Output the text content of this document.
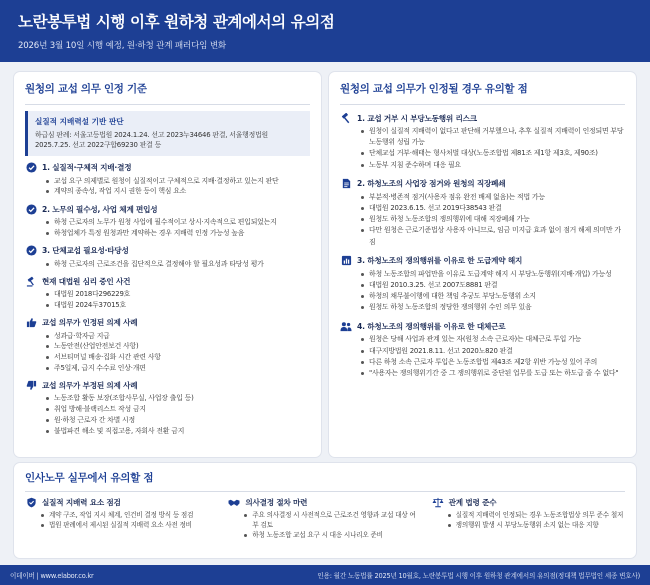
노란봉투법 시행 이후 원하청 관계에서의 유의점
2026년 3월 10일 시행 예정, 원·하청 관계 패러다임 변화
원청의 교섭 의무 인정 기준
실질적 지배력설 기반 판단
하급심 판례: 서울고등법원 2024.1.24. 선고 2023누34646 판결, 서울행정법원 2025.7.25. 선고 2022구합69230 판결 등
1. 실질적·구체적 지배·결정
교섭 요구 의제별로 원청이 실질적이고 구체적으로 지배·결정하고 있는지 판단
계약의 종속성, 작업 지시 권한 등이 핵심 요소
2. 노무의 필수성, 사업 체계 편입성
하청 근로자의 노무가 원청 사업에 필수적이고 상시·지속적으로 편입되었는지
하청업체가 특정 원청과만 계약하는 경우 지배력 인정 가능성 높음
3. 단체교섭 필요성·타당성
하청 근로자의 근로조건을 집단적으로 결정해야 할 필요성과 타당성 평가
현재 대법원 심리 중인 사건
대법원 2018다296229호
대법원 2024두37015호
교섭 의무가 인정된 의제 사례
성과급·학자금 지급
노동안전(산업안전보건 사항)
서브티머널 배송·집화 시간 관련 사항
주5일제, 급지 수수료 인상·개편
교섭 의무가 부정된 의제 사례
노동조합 활동 보장(조합사무실, 사업장 출입 등)
취업 방해·블랙리스트 작성 금지
원·하청 근로자 간 차별 시정
불법파견 해소 및 직접고용, 자회사 전환 금지
원청의 교섭 의무가 인정될 경우 유의할 점
1. 교섭 거부 시 부당노동행위 리스크
원청이 실질적 지배력이 없다고 판단해 거부했으나, 추후 실질적 지배력이 인정되면 부당노동행위 성립 가능
단체교섭 거부·해태는 형사처벌 대상(노동조합법 제81조 제1항 제3호, 제90조)
노동부 지침 준수하며 대응 필요
2. 하청노조의 사업장 점거와 원청의 직장폐쇄
부분적·병존적 점거(사용자 점유 완전 배제 없음)는 적법 가능
대법원 2023.6.15. 선고 2019다38543 판결
원청도 하청 노동조합의 쟁의행위에 대해 직장폐쇄 가능
다만 원청은 근로기준법상 사용자 아니므로, 임금 미지급 효과 없이 점거 해제 의미만 가짐
3. 하청노조의 쟁의행위를 이유로 한 도급계약 해지
하청 노동조합의 파업만을 이유로 도급계약 해지 시 부당노동행위(지배·개입) 가능성
대법원 2010.3.25. 선고 2007도8881 판결
하청의 채무불이행에 대한 책임 추궁도 부당노동행위 소지
원청도 하청 노동조합의 정당한 쟁의행위 수인 의무 있음
4. 하청노조의 쟁의행위를 이유로 한 대체근로
원청은 당해 사업과 관계 있는 자(원청 소속 근로자)는 대체근로 투입 가능
대구지방법원 2021.8.11. 선고 2020노820 판결
다른 하청 소속 근로자 투입은 노동조합법 제43조 제2항 위반 가능성 있어 주의
"사용자는 쟁의행위기간 중 그 쟁의행위로 중단된 업무를 도급 또는 하도급 줄 수 없다"
인사노무 실무에서 유의할 점
실질적 지배력 요소 점검
계약 구조, 작업 지시 체계, 인건비 결정 방식 등 점검
법원 판례에서 제시된 실질적 지배력 요소 사전 정비
의사결정 절차 마련
주요 의사결정 시 사전적으로 근로조건 영향과 교섭 대상 여부 검토
하청 노동조합 교섭 요구 시 대응 시나리오 준비
관계 법령 준수
실질적 지배력이 인정되는 경우 노동조합법상 의무 준수 철저
쟁의행위 발생 시 부당노동행위 소지 없는 대응 지향
이데이버 | www.elabor.co.kr	인용: 월간 노동법률 2025년 10월호, 노란봉투법 시행 이후 원하청 관계에서의 유의점(정대책 법무법인 세종 변호사)
